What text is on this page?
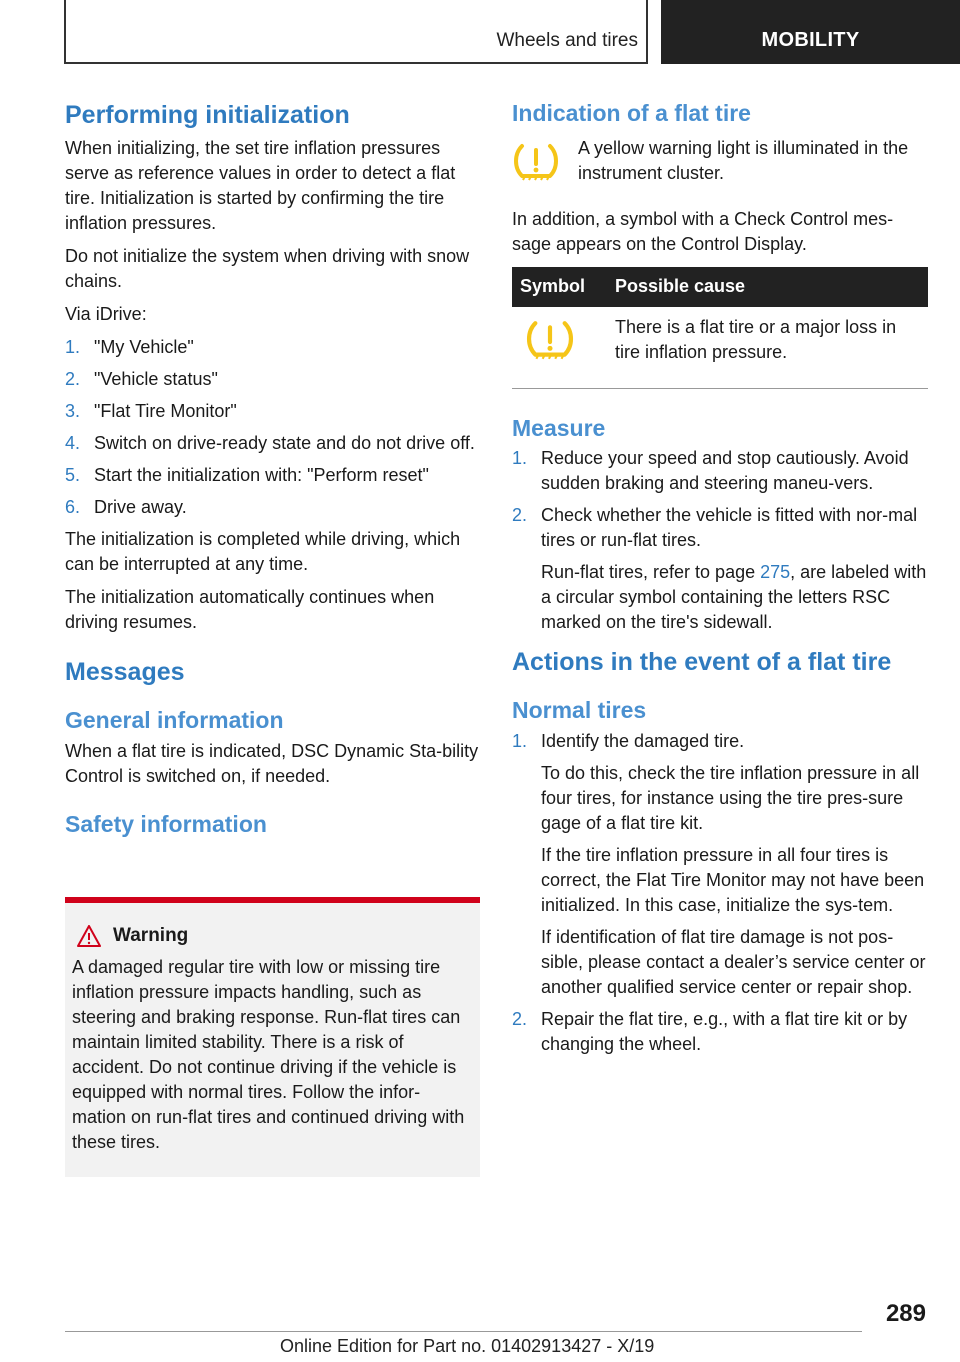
Wheels and tires	MOBILITY
Performing initialization

When initializing, the set tire inflation pressures serve as reference values in order to detect a flat tire. Initialization is started by confirming the tire inflation pressures.

Do not initialize the system when driving with snow chains.

Via iDrive:

1. "My Vehicle"
2. "Vehicle status"
3. "Flat Tire Monitor"
4. Switch on drive-ready state and do not drive off.
5. Start the initialization with: "Perform reset"
6. Drive away.

The initialization is completed while driving, which can be interrupted at any time.

The initialization automatically continues when driving resumes.

Messages
General information

When a flat tire is indicated, DSC Dynamic Sta-bility Control is switched on, if needed.

Safety information
Warning

A damaged regular tire with low or missing tire inflation pressure impacts handling, such as steering and braking response. Run-flat tires can maintain limited stability. There is a risk of accident. Do not continue driving if the vehicle is equipped with normal tires. Follow the infor-mation on run-flat tires and continued driving with these tires.

Indication of a flat tire
A yellow warning light is illuminated in the instrument cluster.

In addition, a symbol with a Check Control mes-sage appears on the Control Display.

Symbol	Possible cause
	There is a flat tire or a major loss in tire inflation pressure.
Measure
1. Reduce your speed and stop cautiously. Avoid sudden braking and steering maneu-vers.

2. Check whether the vehicle is fitted with nor-mal tires or run-flat tires.

Run-flat tires, refer to page 275, are labeled with a circular symbol containing the letters RSC marked on the tire's sidewall.

Actions in the event of a flat tire
Normal tires
1. Identify the damaged tire.

To do this, check the tire inflation pressure in all four tires, for instance using the tire pres-sure gage of a flat tire kit.

If the tire inflation pressure in all four tires is correct, the Flat Tire Monitor may not have been initialized. In this case, initialize the sys-tem.

If identification of flat tire damage is not pos-sible, please contact a dealer’s service center or another qualified service center or repair shop.

2. Repair the flat tire, e.g., with a flat tire kit or by changing the wheel.

289
Online Edition for Part no. 01402913427 - X/19
